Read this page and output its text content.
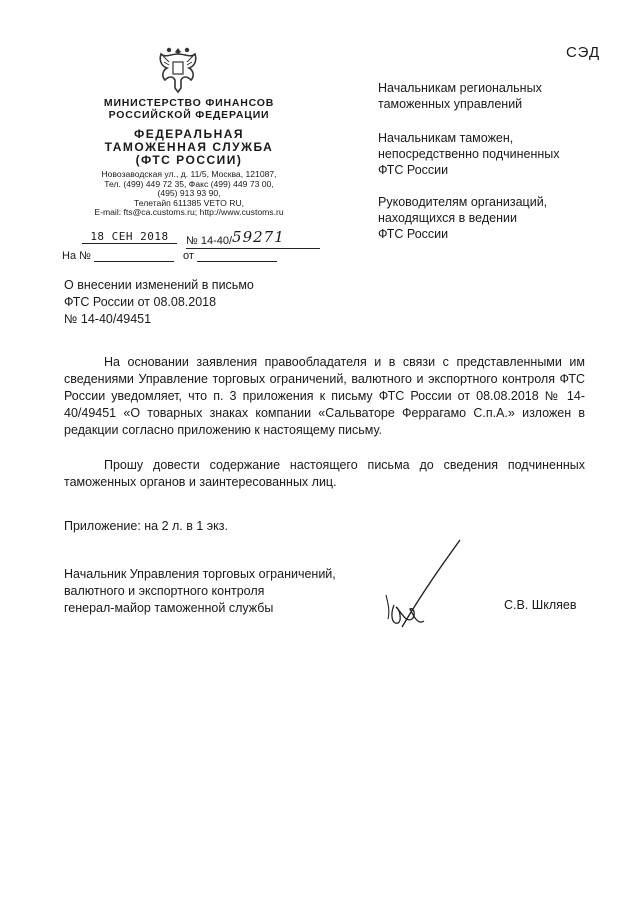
СЭД
МИНИСТЕРСТВО ФИНАНСОВ
РОССИЙСКОЙ ФЕДЕРАЦИИ
ФЕДЕРАЛЬНАЯ
ТАМОЖЕННАЯ СЛУЖБА
(ФТС РОССИИ)
Новозаводская ул., д. 11/5, Москва, 121087,
Тел. (499) 449 72 35, Факс (499) 449 73 00,
(495) 913 93 90,
Телетайп 611385 VETO RU,
E-mail: fts@ca.customs.ru; http://www.customs.ru
18 СЕН 2018	№ 14-40/59271
На №	от
О внесении изменений в письмо
ФТС России от 08.08.2018
№ 14-40/49451
Начальникам региональных
таможенных управлений
Начальникам таможен,
непосредственно подчиненных
ФТС России
Руководителям организаций,
находящихся в ведении
ФТС России
На основании заявления правообладателя и в связи с представленными им сведениями Управление торговых ограничений, валютного и экспортного контроля ФТС России уведомляет, что п. 3 приложения к письму ФТС России от 08.08.2018 № 14-40/49451 «О товарных знаках компании «Сальваторе Феррагамо С.п.А.» изложен в редакции согласно приложению к настоящему письму.
Прошу довести содержание настоящего письма до сведения подчиненных таможенных органов и заинтересованных лиц.
Приложение: на 2 л. в 1 экз.
Начальник Управления торговых ограничений,
валютного и экспортного контроля
генерал-майор таможенной службы	С.В. Шкляев
